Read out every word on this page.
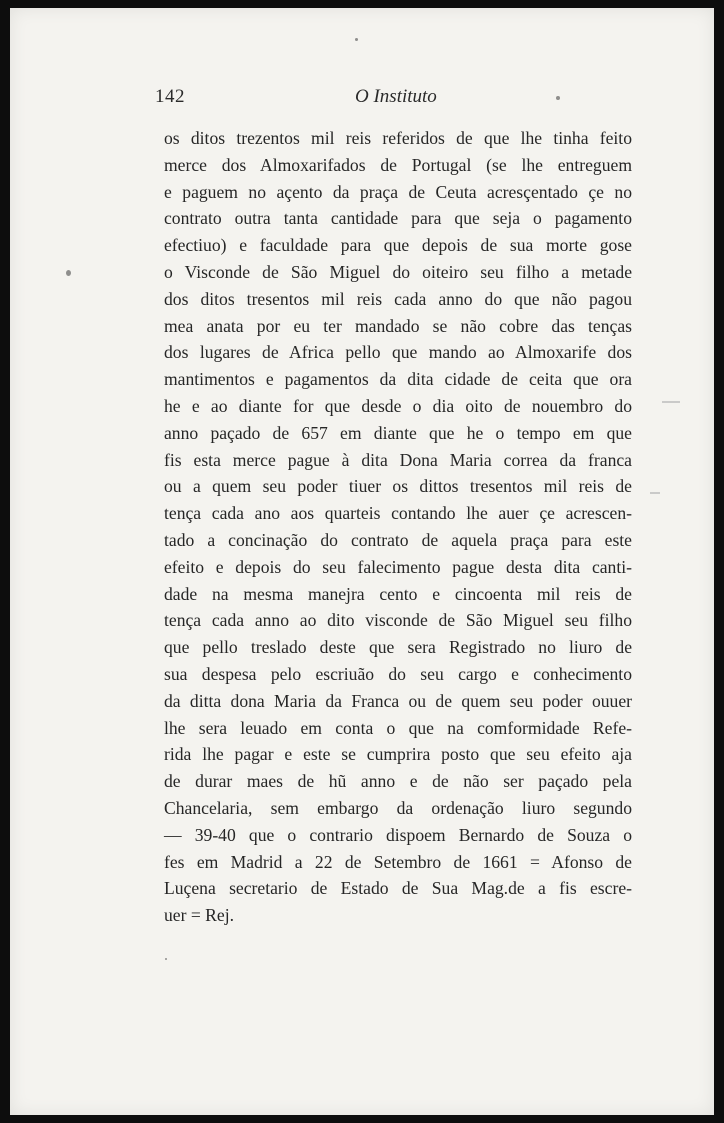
142	O Instituto
os ditos trezentos mil reis referidos de que lhe tinha feito
merce dos Almoxarifados de Portugal (se lhe entreguem
e paguem no açento da praça de Ceuta acresçentado çe no
contrato outra tanta cantidade para que seja o pagamento
efectiuo) e faculdade para que depois de sua morte gose
o Visconde de São Miguel do oiteiro seu filho a metade
dos ditos tresentos mil reis cada anno do que não pagou
mea anata por eu ter mandado se não cobre das tenças
dos lugares de Africa pello que mando ao Almoxarife dos
mantimentos e pagamentos da dita cidade de ceita que ora
he e ao diante for que desde o dia oito de nouembro do
anno paçado de 657 em diante que he o tempo em que
fis esta merce pague à dita Dona Maria correa da franca
ou a quem seu poder tiuer os dittos tresentos mil reis de
tença cada ano aos quarteis contando lhe auer çe acrescen-
tado a concinação do contrato de aquela praça para este
efeito e depois do seu falecimento pague desta dita canti-
dade na mesma manejra cento e cincoenta mil reis de
tença cada anno ao dito visconde de São Miguel seu filho
que pello treslado deste que sera Registrado no liuro de
sua despesa pelo escriuão do seu cargo e conhecimento
da ditta dona Maria da Franca ou de quem seu poder ouuer
lhe sera leuado em conta o que na comformidade Refe-
rida lhe pagar e este se cumprira posto que seu efeito aja
de durar maes de hũ anno e de não ser paçado pela
Chancelaria, sem embargo da ordenação liuro segundo
— 39-40 que o contrario dispoem Bernardo de Souza o
fes em Madrid a 22 de Setembro de 1661 = Afonso de
Luçena secretario de Estado de Sua Mag.de a fis escre-
uer = Rej.
